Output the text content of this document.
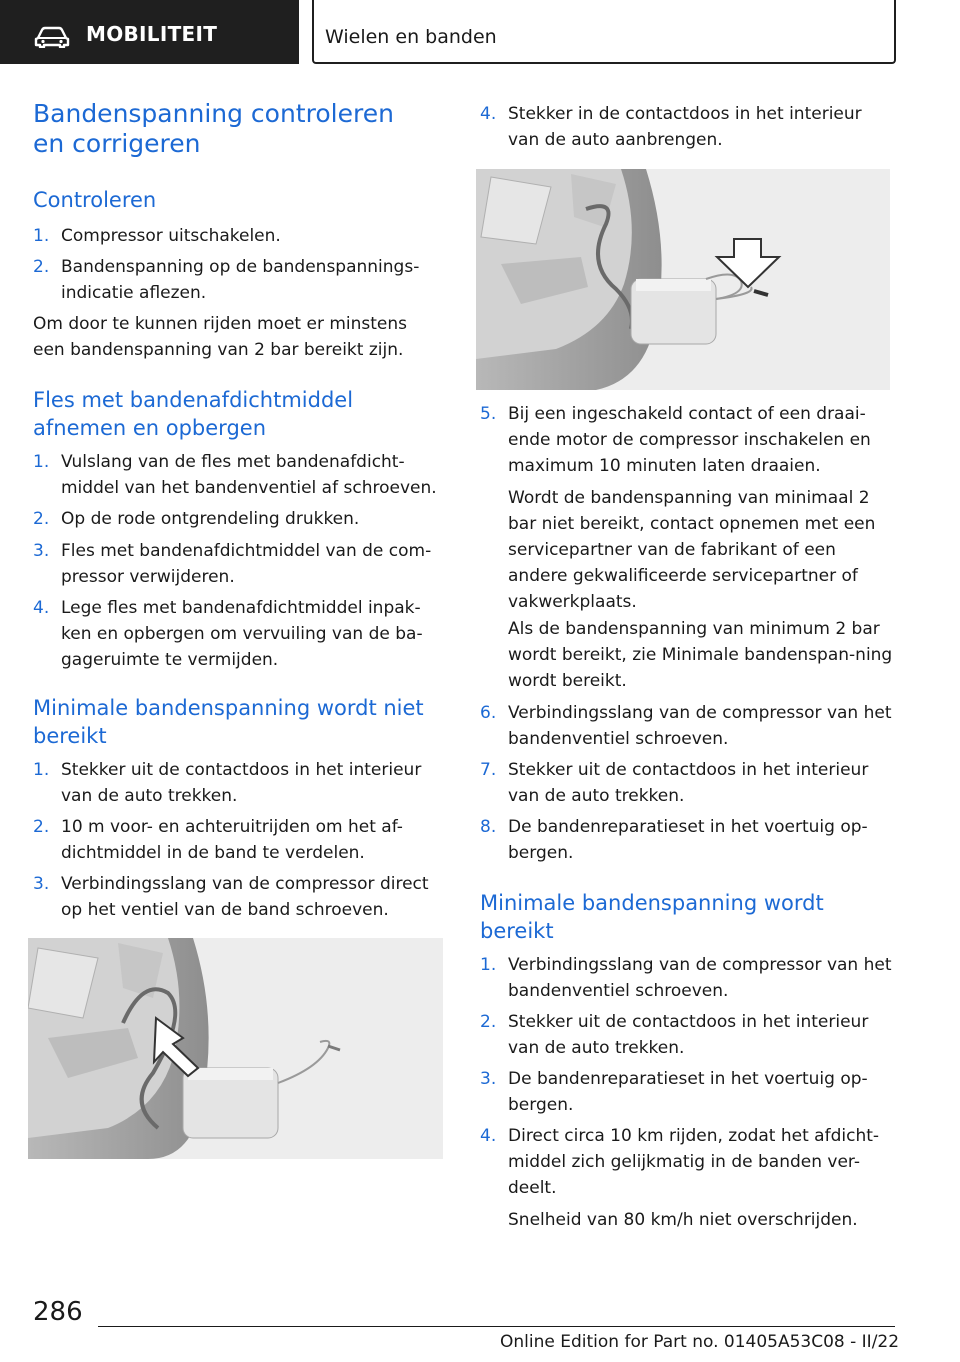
MOBILITEIT	Wielen en banden
Bandenspanning controleren en corrigeren
Controleren
1. Compressor uitschakelen.
2. Bandenspanning op de bandenspannings-indicatie aflezen.
Om door te kunnen rijden moet er minstens een bandenspanning van 2 bar bereikt zijn.
Fles met bandenafdichtmiddel afnemen en opbergen
1. Vulslang van de fles met bandenafdicht-middel van het bandenventiel af schroeven.
2. Op de rode ontgrendeling drukken.
3. Fles met bandenafdichtmiddel van de com-pressor verwijderen.
4. Lege fles met bandenafdichtmiddel inpak-ken en opbergen om vervuiling van de ba-gageruimte te vermijden.
Minimale bandenspanning wordt niet bereikt
1. Stekker uit de contactdoos in het interieur van de auto trekken.
2. 10 m voor- en achteruitrijden om het af-dichtmiddel in de band te verdelen.
3. Verbindingsslang van de compressor direct op het ventiel van de band schroeven.
4. Stekker in de contactdoos in het interieur van de auto aanbrengen.
5. Bij een ingeschakeld contact of een draai-ende motor de compressor inschakelen en maximum 10 minuten laten draaien.
Wordt de bandenspanning van minimaal 2 bar niet bereikt, contact opnemen met een servicepartner van de fabrikant of een andere gekwalificeerde servicepartner of vakwerkplaats.
Als de bandenspanning van minimum 2 bar wordt bereikt, zie Minimale bandenspan-ning wordt bereikt.
6. Verbindingsslang van de compressor van het bandenventiel schroeven.
7. Stekker uit de contactdoos in het interieur van de auto trekken.
8. De bandenreparatieset in het voertuig op-bergen.
Minimale bandenspanning wordt bereikt
1. Verbindingsslang van de compressor van het bandenventiel schroeven.
2. Stekker uit de contactdoos in het interieur van de auto trekken.
3. De bandenreparatieset in het voertuig op-bergen.
4. Direct circa 10 km rijden, zodat het afdicht-middel zich gelijkmatig in de banden ver-deelt.
Snelheid van 80 km/h niet overschrijden.
286
Online Edition for Part no. 01405A53C08 - II/22
